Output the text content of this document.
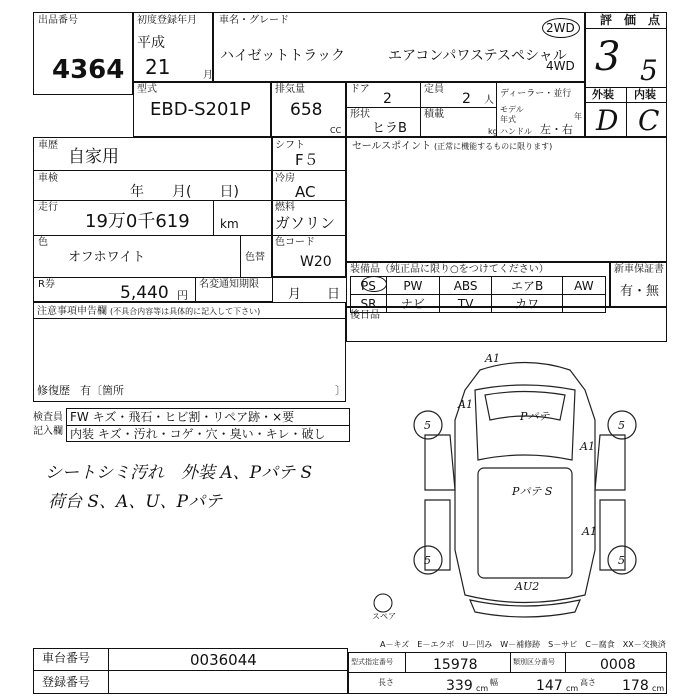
出品番号
4364
初度登録年月
平成
21	月
車名・グレード
ハイゼットトラック	エアコンパワステスペシャル
2WD
4WD
評　価　点
3 5
外装 内装
D C
型式
EBD-S201P
排気量
658
CC
ドア
2
定員
2 人
形状
ヒラB
積載
kg
ディーラー・並行
モデル年式	年
ハンドル 左・右
車歴
自家用
車検
年　　月(　　日)
走行
19万0千619	km
色
オフホワイト	色替
R券	5,440 円
名変通知期限
月　　日
シフト
F５
冷房
AC
燃料
ガソリン
色コード
W20
セールスポイント (正常に機能するものに限ります)
装備品（純正品に限り○をつけてください）
PS	PW	ABS	エアB	AW
SR	ナビ	TV	カワ	
新車保証書
有・無
注意事項申告欄 (不具合内容等は具体的に記入して下さい)
修復歴 有〔箇所	〕
後日品
検査員
記入欄
FW キズ・飛石・ヒビ割・リペア跡・×要
内装 キズ・汚れ・コゲ・穴・臭い・キレ・破し
シートシミ汚れ　外装 A、Pパテ S
荷台 S、A、U、Pパテ
A1
A1
Pパテ
A1
Pパテ S
A1
AU2
5	5
5	5
スペア
A－キズ　E－エクボ　U－凹み　W－補修跡　S－サビ　C－腐食　XX－交換済
車台番号	0036044
登録番号
型式指定番号	15978	類別区分番号	0008
長さ	339 cm
幅	147 cm
高さ 178 cm
